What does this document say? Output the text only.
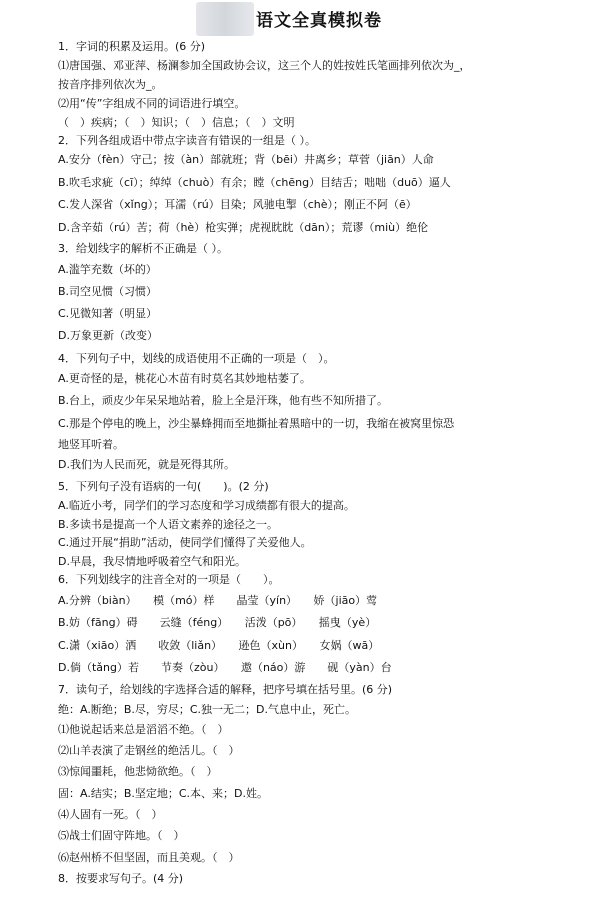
语文全真模拟卷
1．字词的积累及运用。(6 分)
⑴唐国强、邓亚萍、杨澜参加全国政协会议，这三个人的姓按姓氏笔画排列依次为_，
按音序排列依次为_。
⑵用“传”字组成不同的词语进行填空。
（　）疾病；（　）知识；（　）信息；（　）文明
2．下列各组成语中带点字读音有错误的一组是（ ）。
A.安分（fèn）守己；按（àn）部就班；背（bēi）井离乡；草菅（jiān）人命
B.吹毛求疵（cī）；绰绰（chuò）有余；瞠（chēng）目结舌；咄咄（duō）逼人
C.发人深省（xǐng）；耳濡（rú）目染；风驰电掣（chè）；刚正不阿（ē）
D.含辛茹（rú）苦；荷（hè）枪实弹；虎视眈眈（dān）；荒谬（miù）绝伦
3．给划线字的解析不正确是（ ）。
A.滥竽充数（坏的）
B.司空见惯（习惯）
C.见微知著（明显）
D.万象更新（改变）
4．下列句子中，划线的成语使用不正确的一项是（　）。
A.更奇怪的是，桃花心木苗有时莫名其妙地枯萎了。
B.台上，顽皮少年呆呆地站着，脸上全是汗珠，他有些不知所措了。
C.那是个停电的晚上，沙尘暴蜂拥而至地撕扯着黑暗中的一切，我缩在被窝里惊恐
地竖耳听着。
D.我们为人民而死，就是死得其所。
5．下列句子没有语病的一句(　　)。(2 分)
A.临近小考，同学们的学习态度和学习成绩都有很大的提高。
B.多读书是提高一个人语文素养的途径之一。
C.通过开展“捐助”活动，使同学们懂得了关爱他人。
D.早晨，我尽情地呼吸着空气和阳光。
6．下列划线字的注音全对的一项是（　　）。
A.分辨（biàn）　　模（mó）样　　晶莹（yín）　　娇（jiāo）莺
B.妨（fāng）碍　　云缝（féng）　　活泼（pō）　　摇曳（yè）
C.潇（xiāo）洒　　收敛（liǎn）　　逊色（xùn）　　女娲（wā）
D.倘（tǎng）若　　节奏（zòu）　　遨（náo）游　　砚（yàn）台
7．读句子，给划线的字选择合适的解释，把序号填在括号里。(6 分)
绝：A.断绝；B.尽，穷尽；C.独一无二；D.气息中止，死亡。
⑴他说起话来总是滔滔不绝。（　）
⑵山羊表演了走钢丝的绝活儿。（　）
⑶惊闻噩耗，他悲恸欲绝。（　）
固：A.结实；B.坚定地；C.本、来；D.姓。
⑷人固有一死。（　）
⑸战士们固守阵地。（　）
⑹赵州桥不但坚固，而且美观。（　）
8．按要求写句子。(4 分)
